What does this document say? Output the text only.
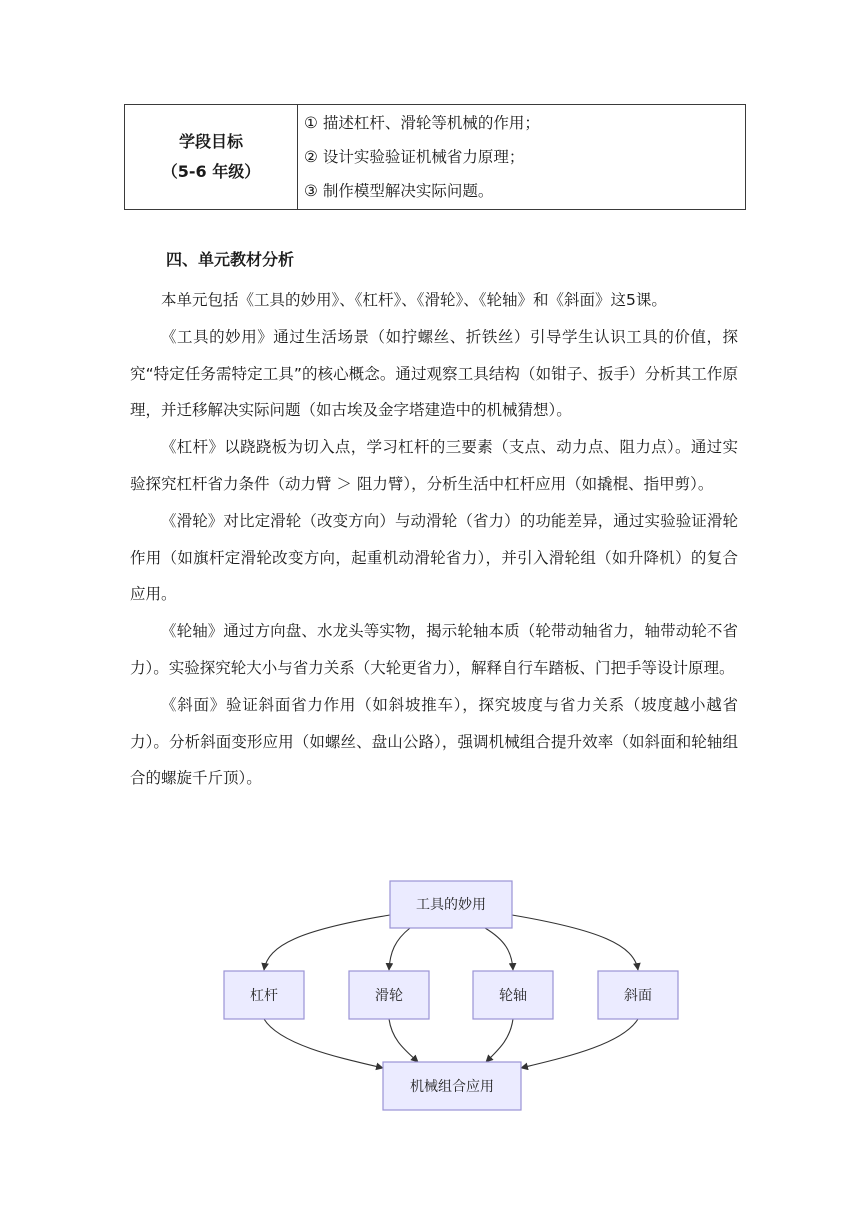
学段目标
（5-6 年级）

① 描述杠杆、滑轮等机械的作用；
② 设计实验验证机械省力原理；
③ 制作模型解决实际问题。
四、单元教材分析

本单元包括《工具的妙用》、《杠杆》、《滑轮》、《轮轴》和《斜面》这5课。

《工具的妙用》通过生活场景（如拧螺丝、折铁丝）引导学生认识工具的价值，探究“特定任务需特定工具”的核心概念。通过观察工具结构（如钳子、扳手）分析其工作原理，并迁移解决实际问题（如古埃及金字塔建造中的机械猜想）。

《杠杆》以跷跷板为切入点，学习杠杆的三要素（支点、动力点、阻力点）。通过实验探究杠杆省力条件（动力臂 ＞ 阻力臂），分析生活中杠杆应用（如撬棍、指甲剪）。

《滑轮》对比定滑轮（改变方向）与动滑轮（省力）的功能差异，通过实验验证滑轮作用（如旗杆定滑轮改变方向，起重机动滑轮省力），并引入滑轮组（如升降机）的复合应用。

《轮轴》通过方向盘、水龙头等实物，揭示轮轴本质（轮带动轴省力，轴带动轮不省力）。实验探究轮大小与省力关系（大轮更省力），解释自行车踏板、门把手等设计原理。

《斜面》验证斜面省力作用（如斜坡推车），探究坡度与省力关系（坡度越小越省力）。分析斜面变形应用（如螺丝、盘山公路），强调机械组合提升效率（如斜面和轮轴组合的螺旋千斤顶）。

工具的妙用
杠杆	滑轮	轮轴	斜面
机械组合应用
